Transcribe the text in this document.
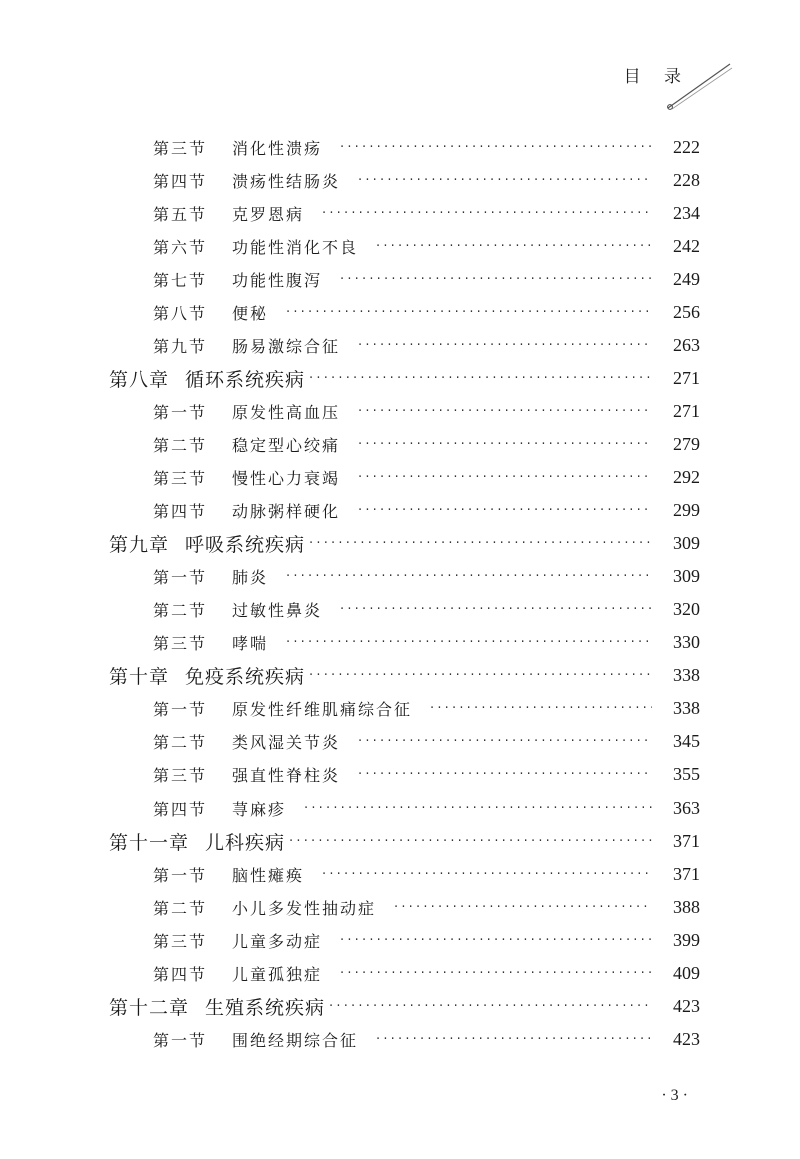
目 录
第三节	消化性溃疡 ·····	222
第四节	溃疡性结肠炎 ·····	228
第五节	克罗恩病 ·····	234
第六节	功能性消化不良 ·····	242
第七节	功能性腹泻 ·····	249
第八节	便秘 ·····	256
第九节	肠易激综合征 ·····	263
第八章 循环系统疾病 ·····	271
第一节	原发性高血压 ·····	271
第二节	稳定型心绞痛 ·····	279
第三节	慢性心力衰竭 ·····	292
第四节	动脉粥样硬化 ·····	299
第九章 呼吸系统疾病 ·····	309
第一节	肺炎 ·····	309
第二节	过敏性鼻炎 ·····	320
第三节	哮喘 ·····	330
第十章 免疫系统疾病 ·····	338
第一节	原发性纤维肌痛综合征 ·····	338
第二节	类风湿关节炎 ·····	345
第三节	强直性脊柱炎 ·····	355
第四节	荨麻疹 ·····	363
第十一章 儿科疾病 ·····	371
第一节	脑性瘫痪 ·····	371
第二节	小儿多发性抽动症 ·····	388
第三节	儿童多动症 ·····	399
第四节	儿童孤独症 ·····	409
第十二章 生殖系统疾病 ·····	423
第一节	围绝经期综合征 ·····	423
· 3 ·
